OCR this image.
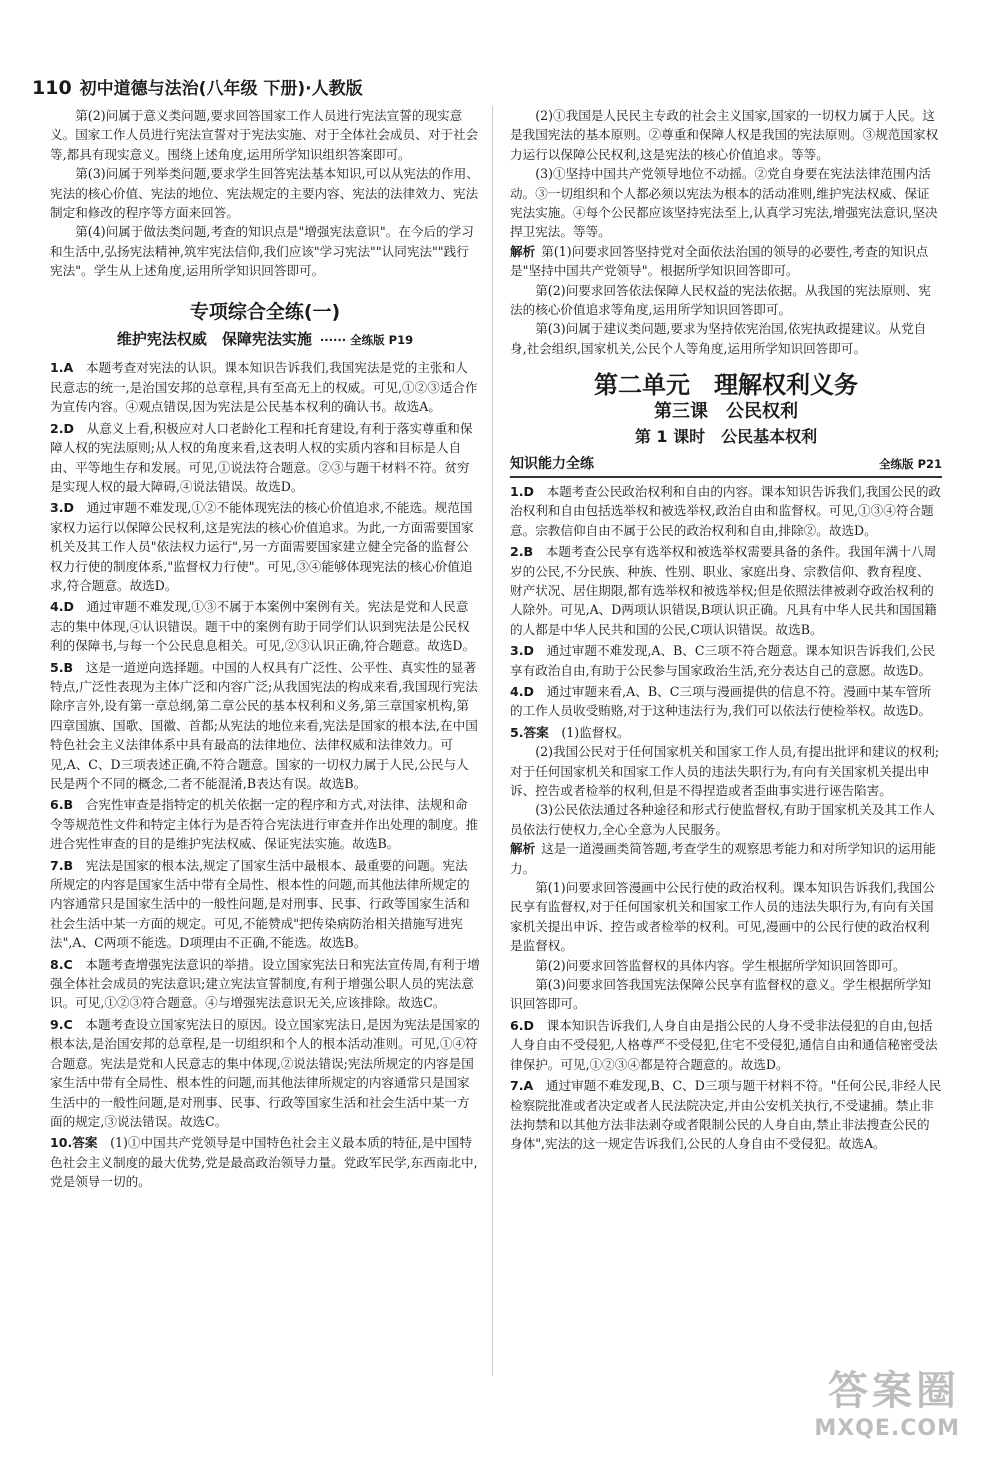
110 初中道德与法治(八年级 下册)·人教版

第(2)问属于意义类问题,要求回答国家工作人员进行宪法宣誓的现实意义。国家工作人员进行宪法宣誓对于宪法实施、对于全体社会成员、对于社会等,都具有现实意义。围绕上述角度,运用所学知识组织答案即可。

第(3)问属于列举类问题,要求学生回答宪法基本知识,可以从宪法的作用、宪法的核心价值、宪法的地位、宪法规定的主要内容、宪法的法律效力、宪法制定和修改的程序等方面来回答。

第(4)问属于做法类问题,考查的知识点是"增强宪法意识"。在今后的学习和生活中,弘扬宪法精神,筑牢宪法信仰,我们应该"学习宪法""认同宪法""践行宪法"。学生从上述角度,运用所学知识回答即可。

专项综合全练(一)
维护宪法权威　保障宪法实施 ······ 全练版 P19

1.A　 本题考查对宪法的认识。课本知识告诉我们,我国宪法是党的主张和人民意志的统一,是治国安邦的总章程,具有至高无上的权威。可见,①②③适合作为宣传内容。④观点错误,因为宪法是公民基本权利的确认书。故选A。

2.D　 从意义上看,积极应对人口老龄化工程和托育建设,有利于落实尊重和保障人权的宪法原则;从人权的角度来看,这表明人权的实质内容和目标是人自由、平等地生存和发展。可见,①说法符合题意。②③与题干材料不符。贫穷是实现人权的最大障碍,④说法错误。故选D。

3.D　 通过审题不难发现,①②不能体现宪法的核心价值追求,不能选。规范国家权力运行以保障公民权利,这是宪法的核心价值追求。为此,一方面需要国家机关及其工作人员"依法权力运行",另一方面需要国家建立健全完备的监督公权力行使的制度体系,"监督权力行使"。可见,③④能够体现宪法的核心价值追求,符合题意。故选D。

4.D　 通过审题不难发现,①③不属于本案例中案例有关。宪法是党和人民意志的集中体现,④认识错误。题干中的案例有助于同学们认识到宪法是公民权利的保障书,与每一个公民息息相关。可见,②③认识正确,符合题意。故选D。

5.B　 这是一道逆向选择题。中国的人权具有广泛性、公平性、真实性的显著特点,广泛性表现为主体广泛和内容广泛;从我国宪法的构成来看,我国现行宪法除序言外,设有第一章总纲,第二章公民的基本权利和义务,第三章国家机构,第四章国旗、国歌、国徽、首都;从宪法的地位来看,宪法是国家的根本法,在中国特色社会主义法律体系中具有最高的法律地位、法律权威和法律效力。可见,A、C、D三项表述正确,不符合题意。国家的一切权力属于人民,公民与人民是两个不同的概念,二者不能混淆,B表达有误。故选B。

6.B　 合宪性审查是指特定的机关依据一定的程序和方式,对法律、法规和命令等规范性文件和特定主体行为是否符合宪法进行审查并作出处理的制度。推进合宪性审查的目的是维护宪法权威、保证宪法实施。故选B。

7.B　 宪法是国家的根本法,规定了国家生活中最根本、最重要的问题。宪法所规定的内容是国家生活中带有全局性、根本性的问题,而其他法律所规定的内容通常只是国家生活中的一般性问题,是对刑事、民事、行政等国家生活和社会生活中某一方面的规定。可见,不能赞成"把传染病防治相关措施写进宪法",A、C两项不能选。D项理由不正确,不能选。故选B。

8.C　 本题考查增强宪法意识的举措。设立国家宪法日和宪法宣传周,有利于增强全体社会成员的宪法意识;建立宪法宣誓制度,有利于增强公职人员的宪法意识。可见,①②③符合题意。④与增强宪法意识无关,应该排除。故选C。

9.C　 本题考查设立国家宪法日的原因。设立国家宪法日,是因为宪法是国家的根本法,是治国安邦的总章程,是一切组织和个人的根本活动准则。可见,①④符合题意。宪法是党和人民意志的集中体现,②说法错误;宪法所规定的内容是国家生活中带有全局性、根本性的问题,而其他法律所规定的内容通常只是国家生活中的一般性问题,是对刑事、民事、行政等国家生活和社会生活中某一方面的规定,③说法错误。故选C。

10.答案　 (1)①中国共产党领导是中国特色社会主义最本质的特征,是中国特色社会主义制度的最大优势,党是最高政治领导力量。党政军民学,东西南北中,党是领导一切的。

(2)①我国是人民民主专政的社会主义国家,国家的一切权力属于人民。这是我国宪法的基本原则。②尊重和保障人权是我国的宪法原则。③规范国家权力运行以保障公民权利,这是宪法的核心价值追求。等等。

(3)①坚持中国共产党领导地位不动摇。②党自身要在宪法法律范围内活动。③一切组织和个人都必须以宪法为根本的活动准则,维护宪法权威、保证宪法实施。④每个公民都应该坚持宪法至上,认真学习宪法,增强宪法意识,坚决捍卫宪法。等等。

解析 第(1)问要求回答坚持党对全面依法治国的领导的必要性,考查的知识点是"坚持中国共产党领导"。根据所学知识回答即可。

第(2)问要求回答依法保障人民权益的宪法依据。从我国的宪法原则、宪法的核心价值追求等角度,运用所学知识回答即可。

第(3)问属于建议类问题,要求为坚持依宪治国,依宪执政提建议。从党自身,社会组织,国家机关,公民个人等角度,运用所学知识回答即可。

第二单元　理解权利义务
第三课　公民权利
第 1 课时　公民基本权利
知识能力全练	全练版 P21

1.D　 本题考查公民政治权利和自由的内容。课本知识告诉我们,我国公民的政治权利和自由包括选举权和被选举权,政治自由和监督权。可见,①③④符合题意。宗教信仰自由不属于公民的政治权利和自由,排除②。故选D。

2.B　 本题考查公民享有选举权和被选举权需要具备的条件。我国年满十八周岁的公民,不分民族、种族、性别、职业、家庭出身、宗教信仰、教育程度、财产状况、居住期限,都有选举权和被选举权;但是依照法律被剥夺政治权利的人除外。可见,A、D两项认识错误,B项认识正确。凡具有中华人民共和国国籍的人都是中华人民共和国的公民,C项认识错误。故选B。

3.D　 通过审题不难发现,A、B、C三项不符合题意。课本知识告诉我们,公民享有政治自由,有助于公民参与国家政治生活,充分表达自己的意愿。故选D。

4.D　 通过审题来看,A、B、C三项与漫画提供的信息不符。漫画中某车管所的工作人员收受贿赂,对于这种违法行为,我们可以依法行使检举权。故选D。

5.答案　 (1)监督权。

(2)我国公民对于任何国家机关和国家工作人员,有提出批评和建议的权利;对于任何国家机关和国家工作人员的违法失职行为,有向有关国家机关提出申诉、控告或者检举的权利,但是不得捏造或者歪曲事实进行诬告陷害。

(3)公民依法通过各种途径和形式行使监督权,有助于国家机关及其工作人员依法行使权力,全心全意为人民服务。

解析 这是一道漫画类简答题,考查学生的观察思考能力和对所学知识的运用能力。

第(1)问要求回答漫画中公民行使的政治权利。课本知识告诉我们,我国公民享有监督权,对于任何国家机关和国家工作人员的违法失职行为,有向有关国家机关提出申诉、控告或者检举的权利。可见,漫画中的公民行使的政治权利是监督权。

第(2)问要求回答监督权的具体内容。学生根据所学知识回答即可。

第(3)问要求回答我国宪法保障公民享有监督权的意义。学生根据所学知识回答即可。

6.D　 课本知识告诉我们,人身自由是指公民的人身不受非法侵犯的自由,包括人身自由不受侵犯,人格尊严不受侵犯,住宅不受侵犯,通信自由和通信秘密受法律保护。可见,①②③④都是符合题意的。故选D。

7.A　 通过审题不难发现,B、C、D三项与题干材料不符。"任何公民,非经人民检察院批准或者决定或者人民法院决定,并由公安机关执行,不受逮捕。禁止非法拘禁和以其他方法非法剥夺或者限制公民的人身自由,禁止非法搜查公民的身体",宪法的这一规定告诉我们,公民的人身自由不受侵犯。故选A。

答案圈
MXQE.COM
